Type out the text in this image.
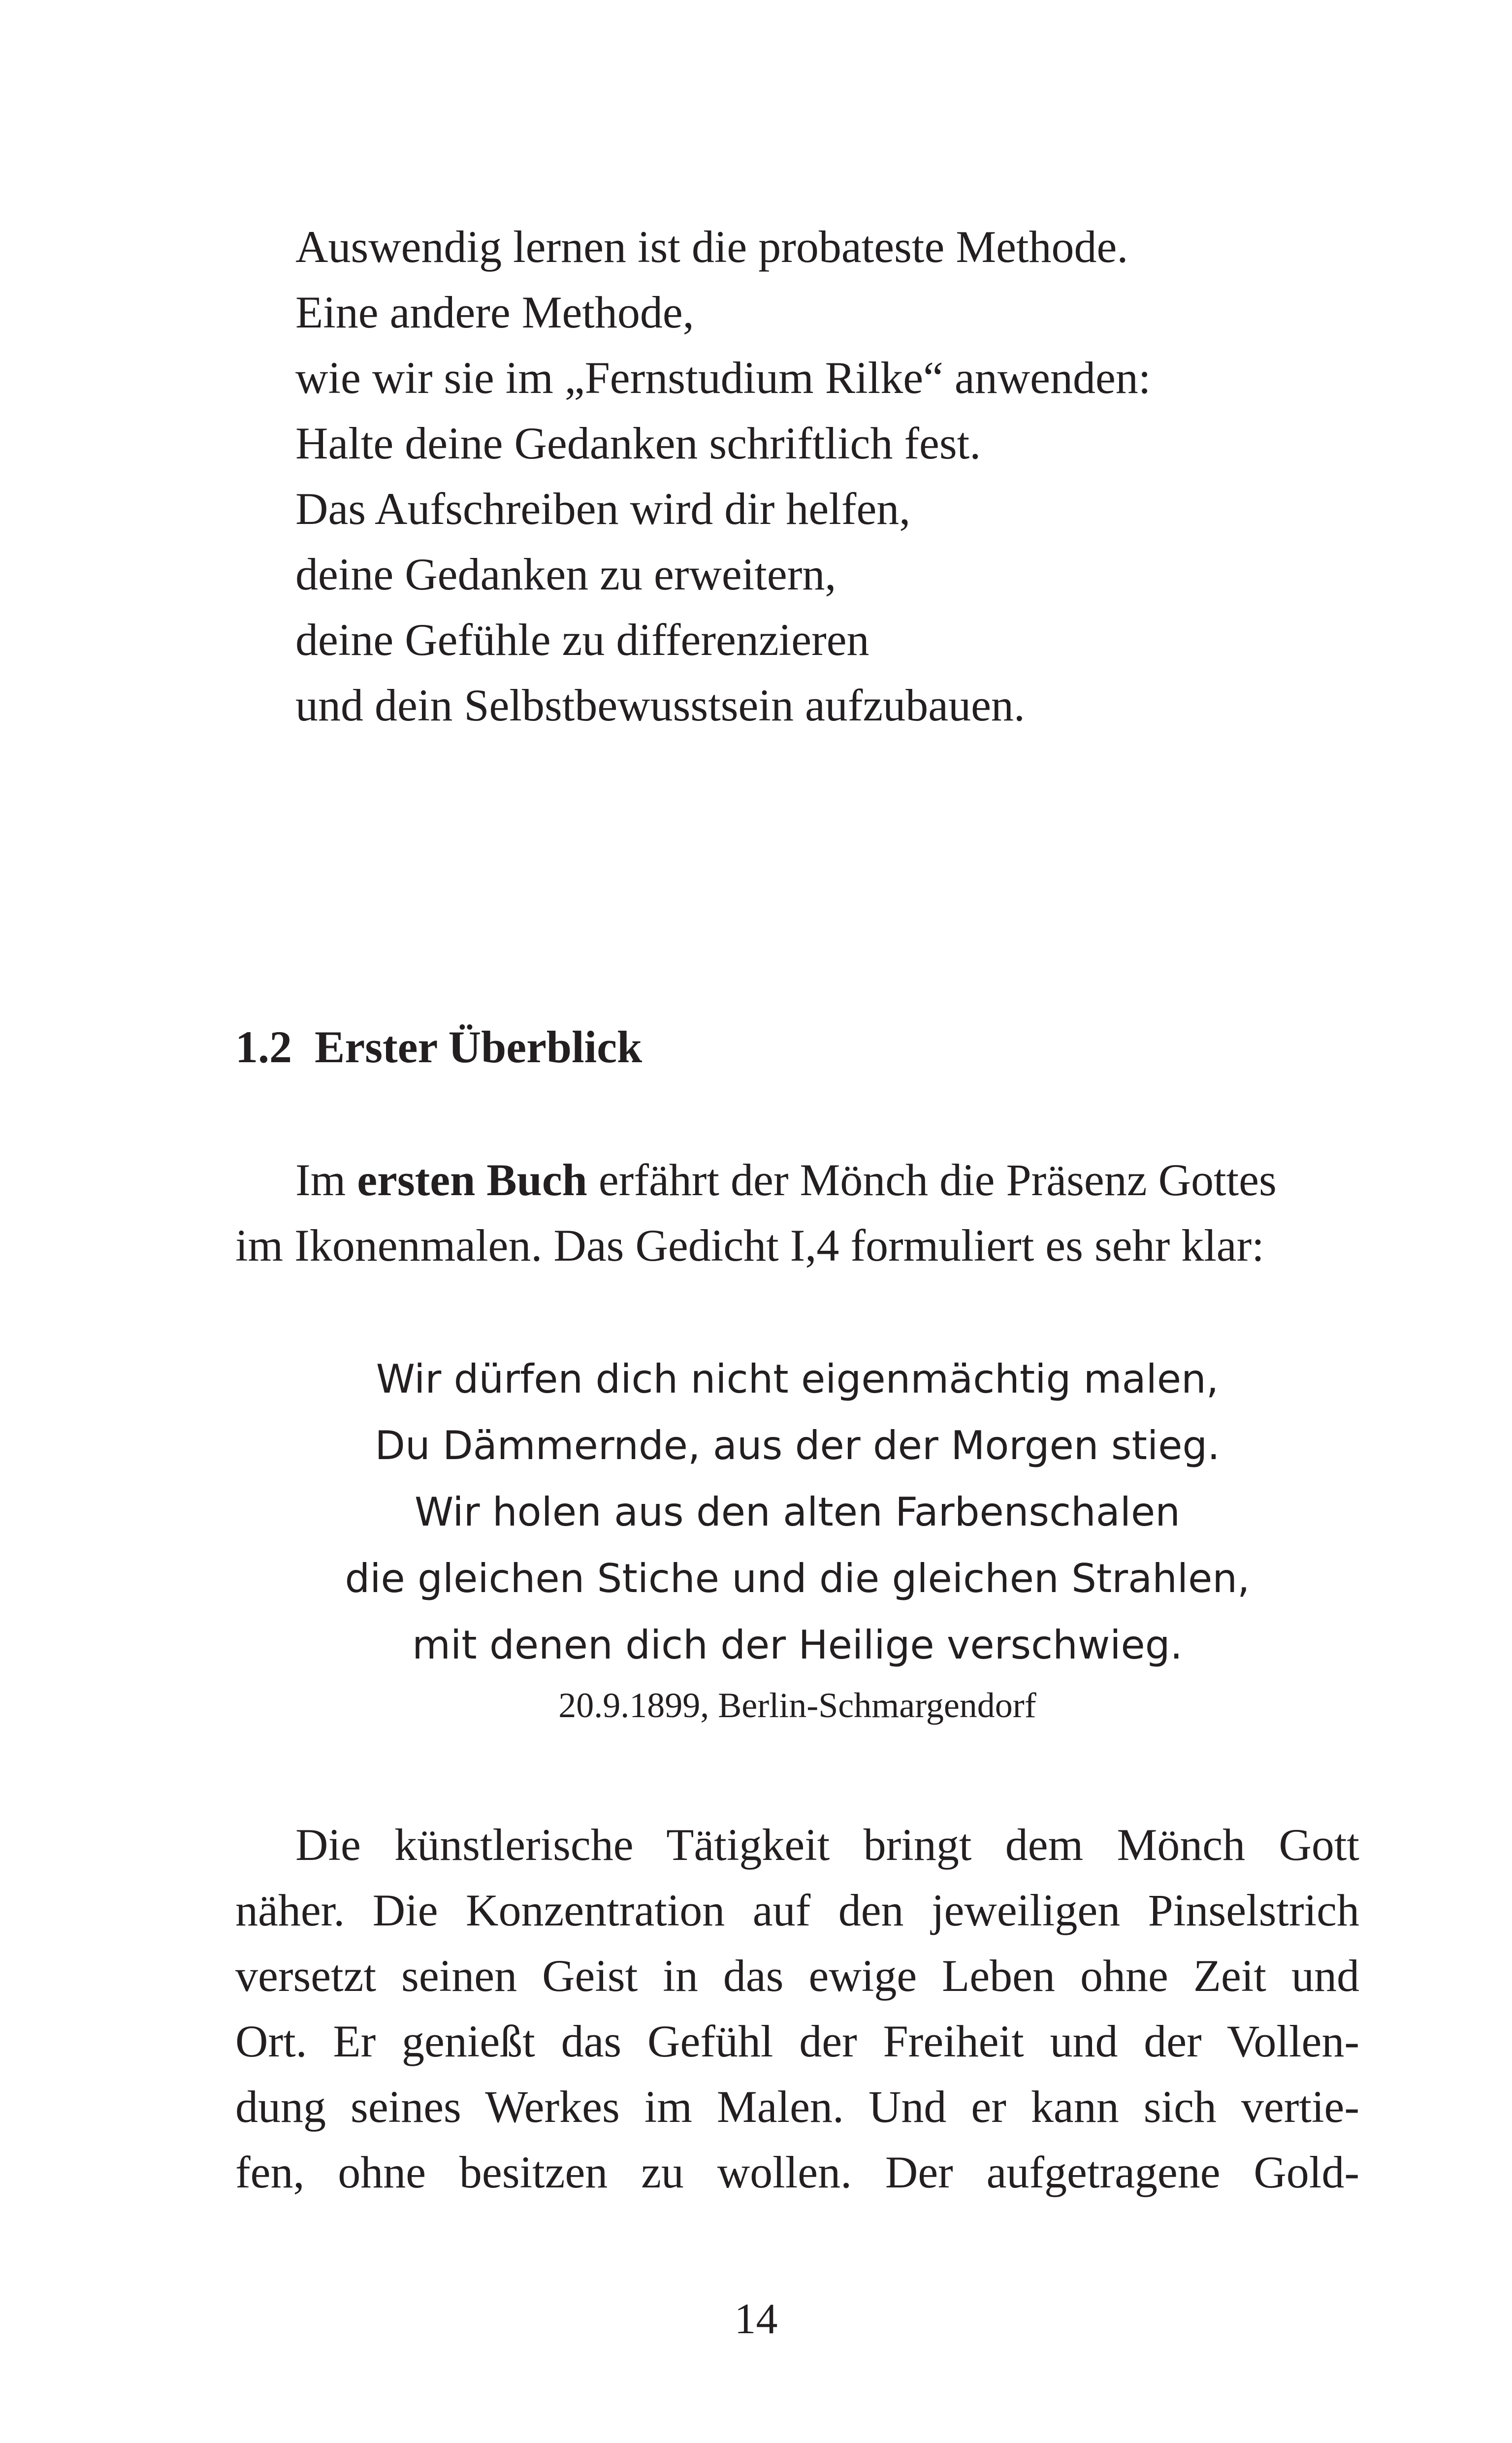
Auswendig lernen ist die probateste Methode.
Eine andere Methode,
wie wir sie im „Fernstudium Rilke“ anwenden:
Halte deine Gedanken schriftlich fest.
Das Aufschreiben wird dir helfen,
deine Gedanken zu erweitern,
deine Gefühle zu differenzieren
und dein Selbstbewusstsein aufzubauen.
1.2 Erster Überblick
Im ersten Buch erfährt der Mönch die Präsenz Gottes
im Ikonenmalen. Das Gedicht I,4 formuliert es sehr klar:
Wir dürfen dich nicht eigenmächtig malen,
Du Dämmernde, aus der der Morgen stieg.
Wir holen aus den alten Farbenschalen
die gleichen Stiche und die gleichen Strahlen,
mit denen dich der Heilige verschwieg.
20.9.1899, Berlin-Schmargendorf
Die künstlerische Tätigkeit bringt dem Mönch Gott
näher. Die Konzentration auf den jeweiligen Pinselstrich
versetzt seinen Geist in das ewige Leben ohne Zeit und
Ort. Er genießt das Gefühl der Freiheit und der Vollen-
dung seines Werkes im Malen. Und er kann sich vertie-
fen, ohne besitzen zu wollen. Der aufgetragene Gold-
14
